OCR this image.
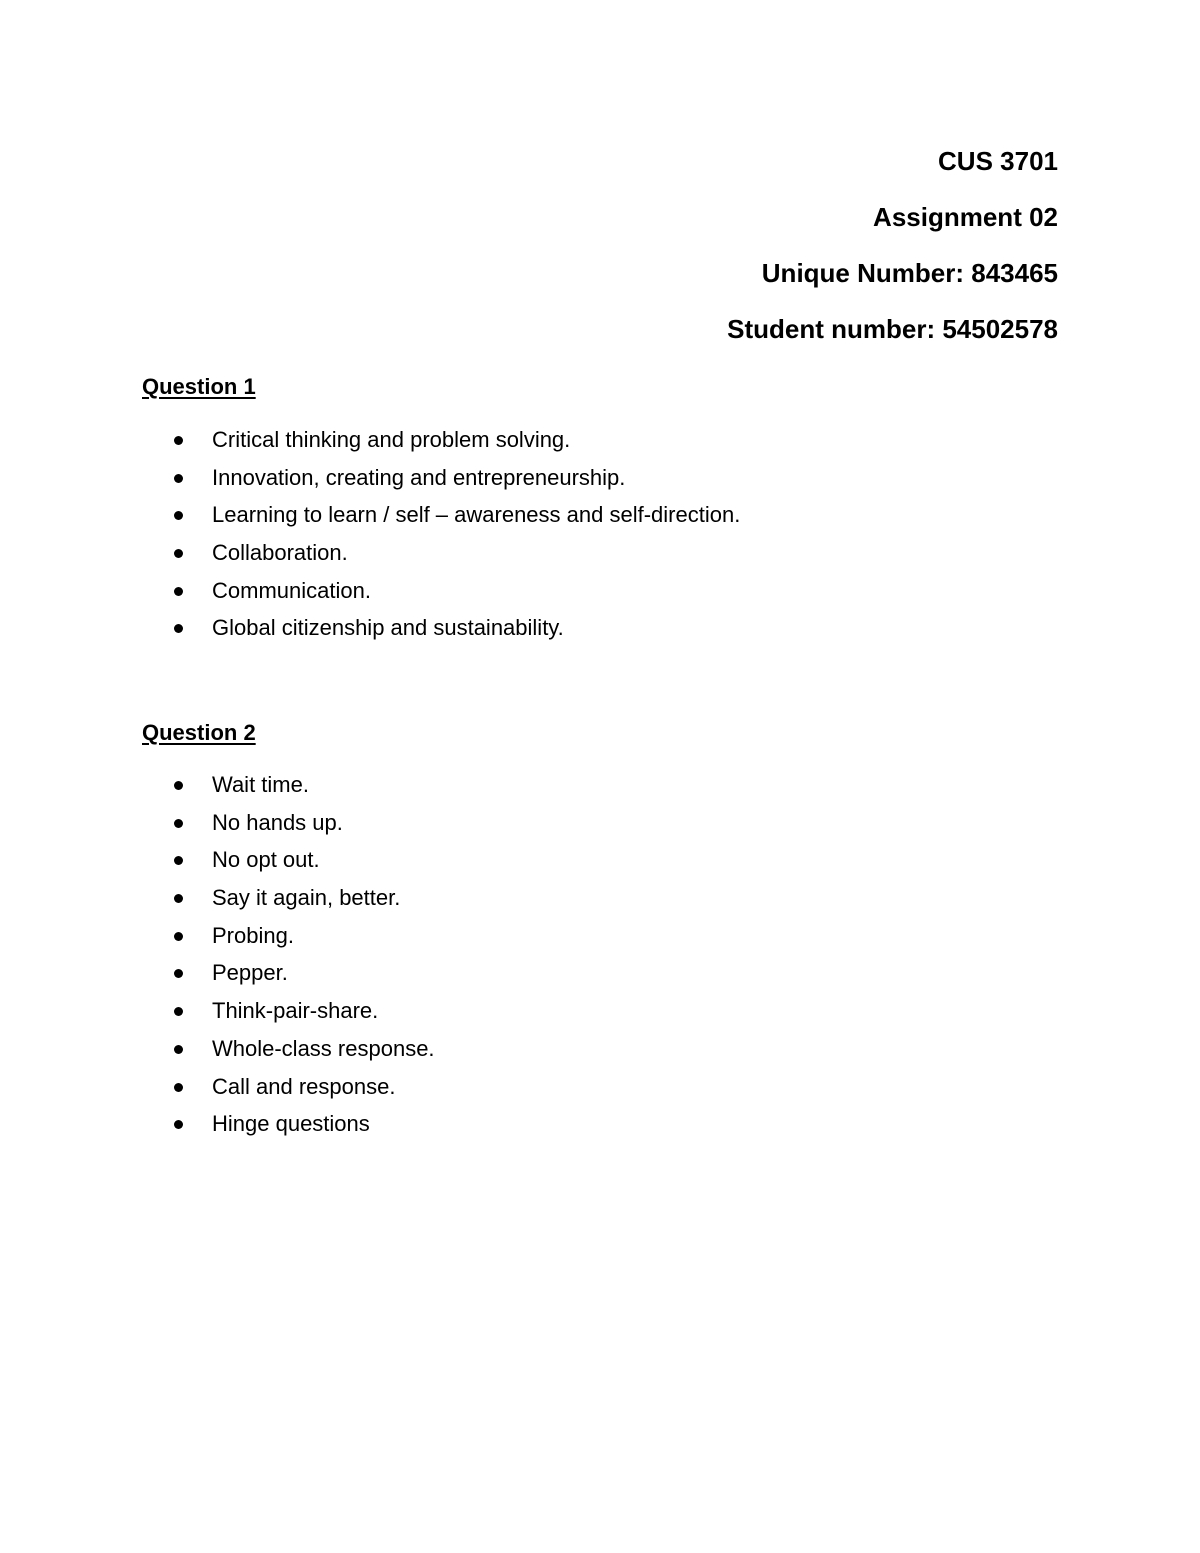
CUS 3701
Assignment 02
Unique Number: 843465
Student number: 54502578
Question 1
Critical thinking and problem solving.
Innovation, creating and entrepreneurship.
Learning to learn / self – awareness and self-direction.
Collaboration.
Communication.
Global citizenship and sustainability.
Question 2
Wait time.
No hands up.
No opt out.
Say it again, better.
Probing.
Pepper.
Think-pair-share.
Whole-class response.
Call and response.
Hinge questions
